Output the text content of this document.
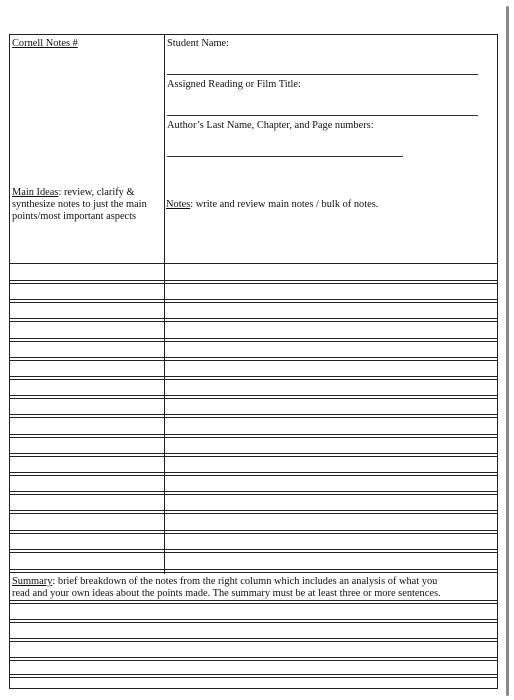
Cornell Notes #	Student Name:
Assigned Reading or Film Title:
Author’s Last Name, Chapter, and Page numbers:
Main Ideas: review, clarify &
synthesize notes to just the main
points/most important aspects
Notes: write and review main notes / bulk of notes.
Summary: brief breakdown of the notes from the right column which includes an analysis of what you
read and your own ideas about the points made. The summary must be at least three or more sentences.
